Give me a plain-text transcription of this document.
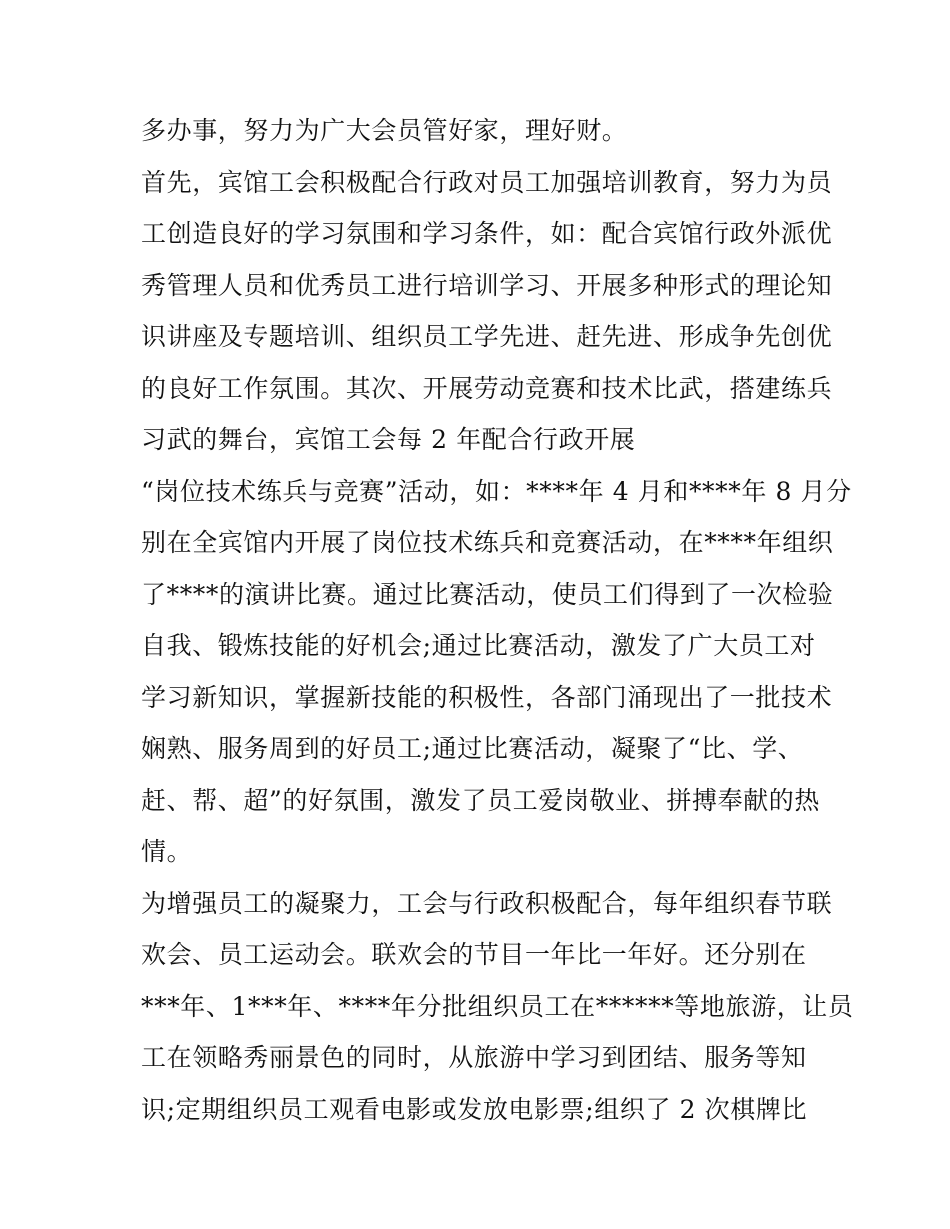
多办事，努力为广大会员管好家，理好财。
首先，宾馆工会积极配合行政对员工加强培训教育，努力为员
工创造良好的学习氛围和学习条件，如：配合宾馆行政外派优
秀管理人员和优秀员工进行培训学习、开展多种形式的理论知
识讲座及专题培训、组织员工学先进、赶先进、形成争先创优
的良好工作氛围。其次、开展劳动竞赛和技术比武，搭建练兵
习武的舞台，宾馆工会每 2 年配合行政开展
“岗位技术练兵与竞赛”活动，如：****年 4 月和****年 8 月分
别在全宾馆内开展了岗位技术练兵和竞赛活动，在****年组织
了****的演讲比赛。通过比赛活动，使员工们得到了一次检验
自我、锻炼技能的好机会;通过比赛活动，激发了广大员工对
学习新知识，掌握新技能的积极性，各部门涌现出了一批技术
娴熟、服务周到的好员工;通过比赛活动，凝聚了“比、学、
赶、帮、超”的好氛围，激发了员工爱岗敬业、拼搏奉献的热
情。
为增强员工的凝聚力，工会与行政积极配合，每年组织春节联
欢会、员工运动会。联欢会的节目一年比一年好。还分别在
***年、1***年、****年分批组织员工在******等地旅游，让员
工在领略秀丽景色的同时，从旅游中学习到团结、服务等知
识;定期组织员工观看电影或发放电影票;组织了 2 次棋牌比
